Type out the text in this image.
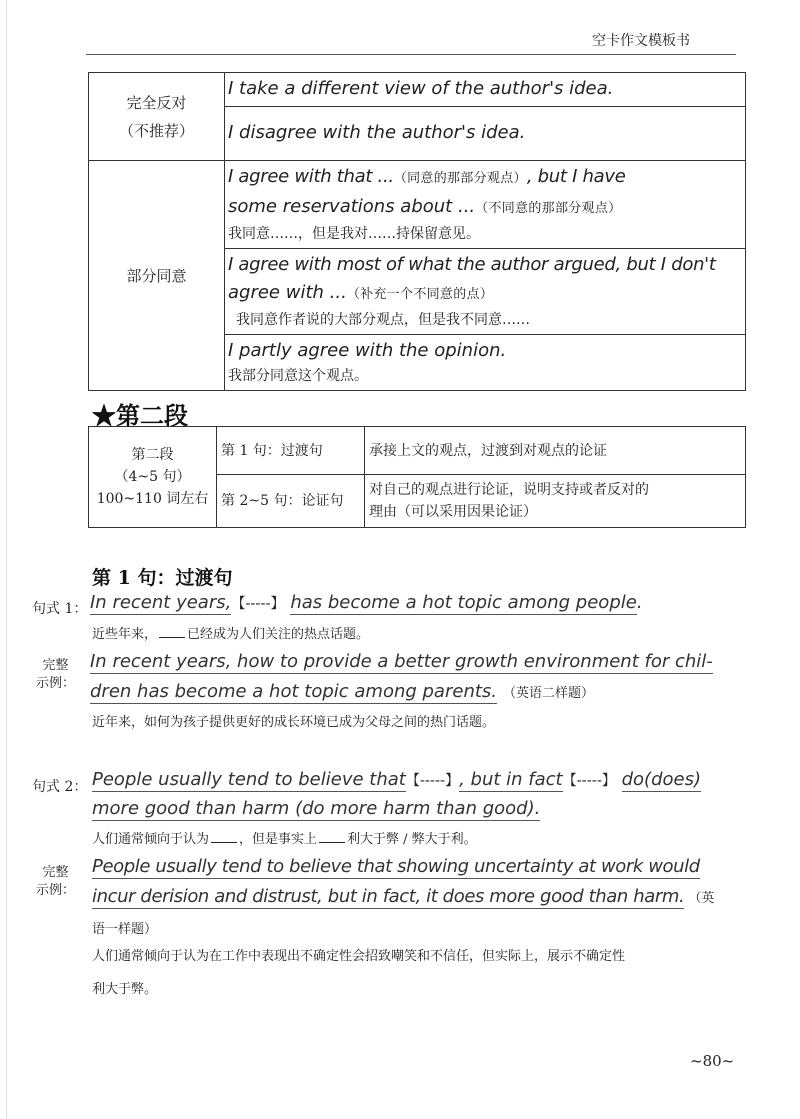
空卡作文模板书
完全反对
（不推荐）	I take a different view of the author's idea.

	I disagree with the author's idea.

部分同意	I agree with that ...（同意的那部分观点）, but I have
some reservations about ...（不同意的那部分观点）
我同意……，但是我对……持保留意见。

	I agree with most of what the author argued, but I don't
agree with ...（补充一个不同意的点）
我同意作者说的大部分观点，但是我不同意……

	I partly agree with the opinion.
我部分同意这个观点。
★第二段
第二段
（4~5 句）
100~110 词左右	第 1 句：过渡句	承接上文的观点，过渡到对观点的论证
	第 2~5 句：论证句	对自己的观点进行论证，说明支持或者反对的
理由（可以采用因果论证）
第 1 句：过渡句
句式 1： In recent years,【-----】 has become a hot topic among people.
近些年来， 已经成为人们关注的热点话题。
完整
示例：
In recent years, how to provide a better growth environment for chil-
dren has become a hot topic among parents. （英语二样题）
近年来，如何为孩子提供更好的成长环境已成为父母之间的热门话题。
句式 2： People usually tend to believe that【-----】, but in fact【-----】 do(does)
more good than harm (do more harm than good).
人们通常倾向于认为 ，但是事实上 利大于弊 / 弊大于利。
完整
示例：
People usually tend to believe that showing uncertainty at work would
incur derision and distrust, but in fact, it does more good than harm. （英
语一样题）
人们通常倾向于认为在工作中表现出不确定性会招致嘲笑和不信任，但实际上，展示不确定性
利大于弊。
~80~
